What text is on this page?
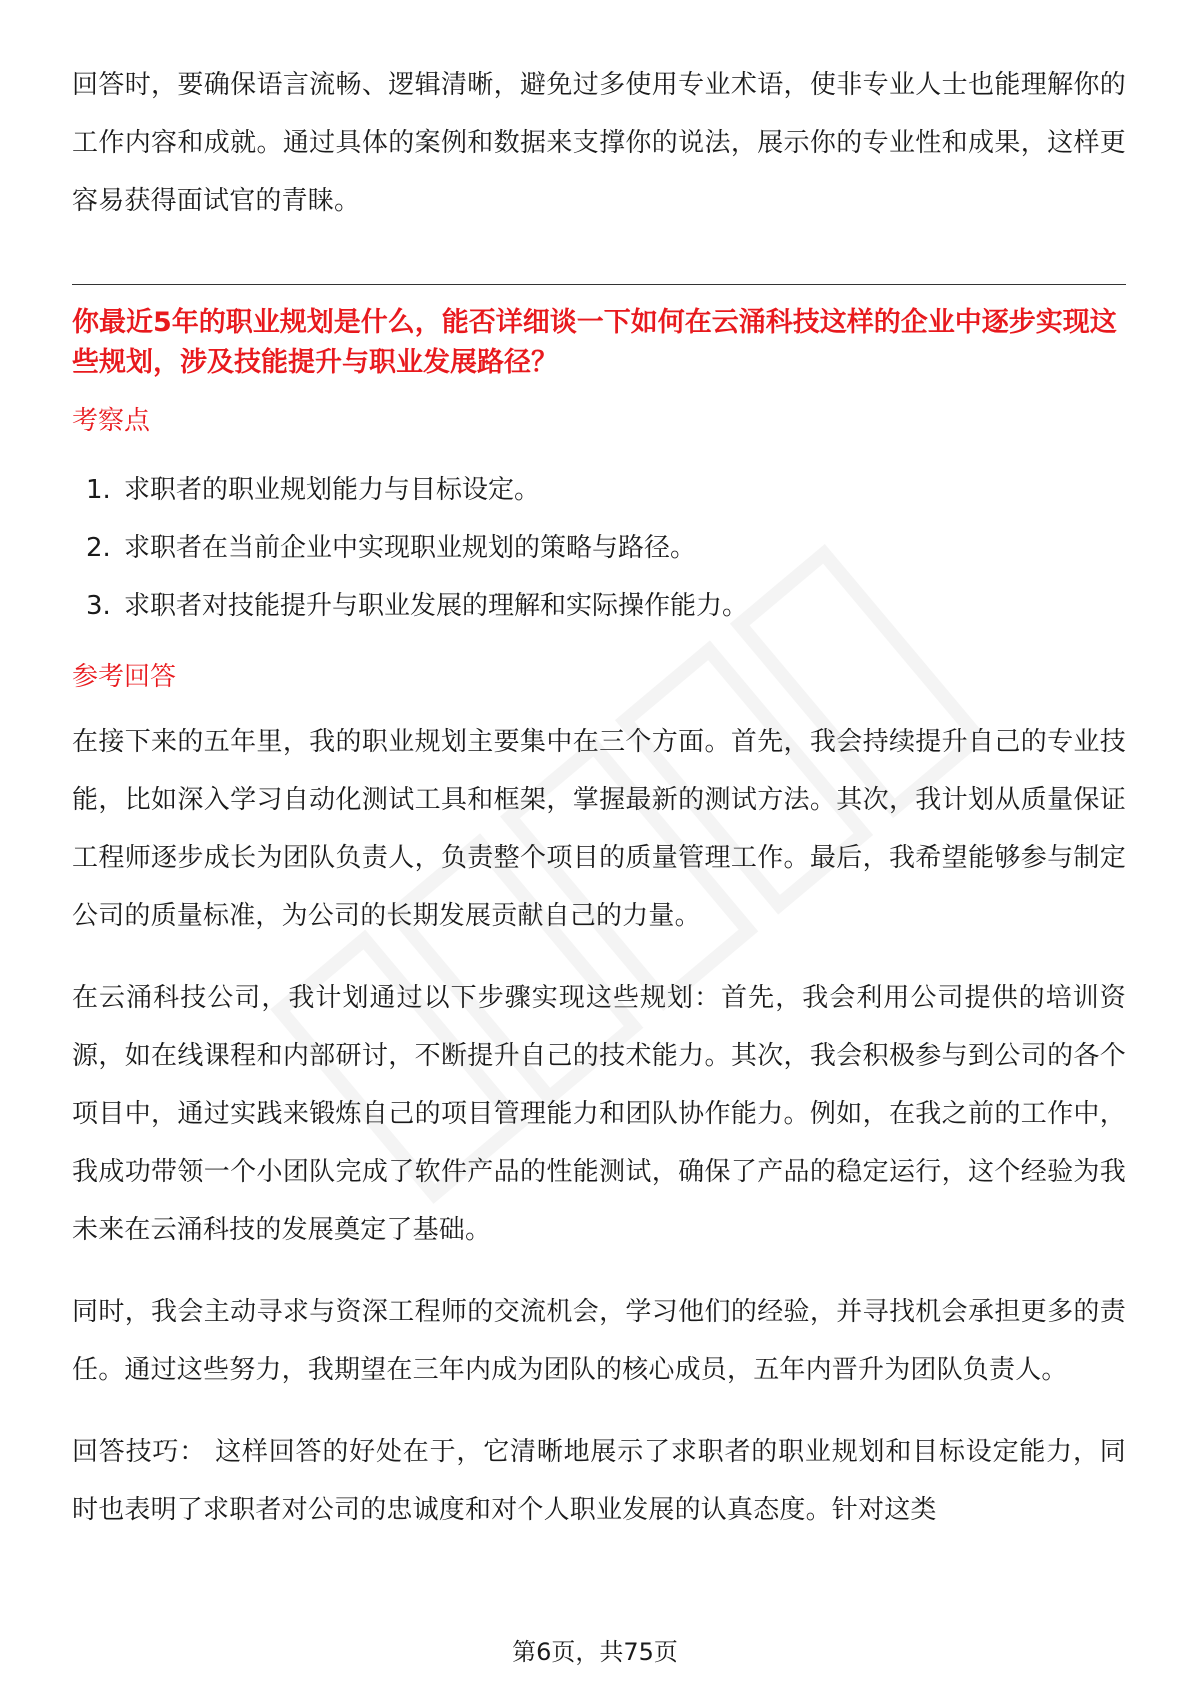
回答时，要确保语言流畅、逻辑清晰，避免过多使用专业术语，使非专业人士也能理解你的工作内容和成就。通过具体的案例和数据来支撑你的说法，展示你的专业性和成果，这样更容易获得面试官的青睐。

你最近5年的职业规划是什么，能否详细谈一下如何在云涌科技这样的企业中逐步实现这些规划，涉及技能提升与职业发展路径？

考察点
1. 求职者的职业规划能力与目标设定。
2. 求职者在当前企业中实现职业规划的策略与路径。
3. 求职者对技能提升与职业发展的理解和实际操作能力。
参考回答

在接下来的五年里，我的职业规划主要集中在三个方面。首先，我会持续提升自己的专业技能，比如深入学习自动化测试工具和框架，掌握最新的测试方法。其次，我计划从质量保证工程师逐步成长为团队负责人，负责整个项目的质量管理工作。最后，我希望能够参与制定公司的质量标准，为公司的长期发展贡献自己的力量。

在云涌科技公司，我计划通过以下步骤实现这些规划：首先，我会利用公司提供的培训资源，如在线课程和内部研讨，不断提升自己的技术能力。其次，我会积极参与到公司的各个项目中，通过实践来锻炼自己的项目管理能力和团队协作能力。例如，在我之前的工作中，我成功带领一个小团队完成了软件产品的性能测试，确保了产品的稳定运行，这个经验为我未来在云涌科技的发展奠定了基础。

同时，我会主动寻求与资深工程师的交流机会，学习他们的经验，并寻找机会承担更多的责任。通过这些努力，我期望在三年内成为团队的核心成员，五年内晋升为团队负责人。

回答技巧： 这样回答的好处在于，它清晰地展示了求职者的职业规划和目标设定能力，同时也表明了求职者对公司的忠诚度和对个人职业发展的认真态度。针对这类

第6页，共75页
